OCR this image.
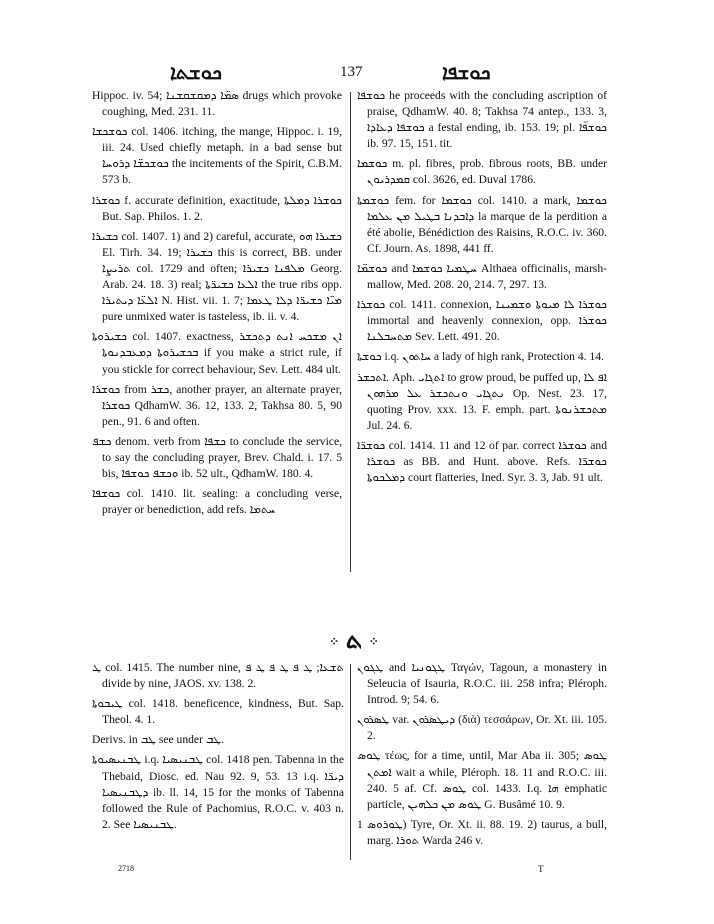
ܟܘܫܬܐ	137	ܟܘܫܦܐ

Hippoc. iv. 54; ܣܡ̈ܐ ܕܡܩܫܩܫܢܐ drugs which provoke coughing, Med. 231. 11.

ܟܘܫܟܫܐ col. 1406. itching, the mange, Hippoc. i. 19, iii. 24. Used chiefly metaph. in a bad sense but ܟܘܫܟܫ̈ܐ ܕܪܘܚܐ the incitements of the Spirit, C.B.M. 573 b.

ܟܘܫܪܐ f. accurate definition, exactitude, ܟܘܫܪܐ ܕܡܠܬܐ But. Sap. Philos. 1. 2.

ܟܫܝܪܐ col. 1407. 1) and 2) careful, accurate, ܟܫܝܪܐ ܗܘ El. Tirh. 34. 19; ܟܫܝܪܐ this is correct, BB. under ܬܪܝܨܐ col. 1729 and often; ܡܠܦܢܐ ܟܫܝܪܐ Georg. Arab. 24. 18. 3) real; ܐܠܥܐ ܟܫܝܪ̈ܬܐ the true ribs opp. ܐܠܥ̈ܐ ܕܝܬܝܪܐ N. Hist. vii. 1. 7; ܡܝ̈ܐ ܟܫܝܪ̈ܐ ܕܠܐ ܛܥܡܐ pure unmixed water is tasteless, ib. ii. v. 4.

ܟܫܝܪܘܬܐ col. 1407. exactness, ܐܢ ܡܫܟܚ ܐܢܬ ܕܬܟܫܪ ܒܟܫܝܪܘܬܐ ܕܡܥܒܕܢܘܬܐ if you make a strict rule, if you stickle for correct behaviour, Sev. Lett. 484 ult.

ܟܘܫܪܐ from ܟܫܪ, another prayer, an alternate prayer, ܟܘܫܪܐ QdhamW. 36. 12, 133. 2, Takhsa 80. 5, 90 pen., 91. 6 and often.

ܟܫܦ denom. verb from ܟܫܦܐ to conclude the service, to say the concluding prayer, Brev. Chald. i. 17. 5 bis, ܘܟܫܦ ܟܘܫܦܐ ib. 52 ult., QdhamW. 180. 4.

ܟܘܫܦܐ col. 1410. lit. sealing: a concluding verse, prayer or benediction, add refs. ܚܬܡܐ

ܟܘܫܦܐ he proceeds with the concluding ascription of praise, QdhamW. 40. 8; Takhsa 74 antep., 133. 3, ܟܘܫܦܐ ܕܥܐܕܐ a festal ending, ib. 153. 19; pl. ܟܘܫܦ̈ܐ ib. 97. 15, 151. tit.

ܟܘܫܡܐ m. pl. fibres, prob. fibrous roots, BB. under ܩܡܕܪܝܘܢ col. 3626, ed. Duval 1786.

ܟܘܫܡܬܐ fem. for ܟܘܫܡܐ col. 1410. a mark, ܟܘܫܡܐ ܕܐܒܕܢܐ ܒܛܝܠ ܡܢ ܥܠܡܐ la marque de la perdition a été abolie, Bénédiction des Raisins, R.O.C. iv. 360. Cf. Journ. As. 1898, 441 ff.

ܟܘܫܡ̈ܐ and ܚܛܡܝܐ ܟܘܫܡܐ Althaea officinalis, marsh-mallow, Med. 208. 20, 214. 7, 297. 13.

ܟܘܫܪܐ col. 1411. connexion, ܟܘܫܪܐ ܠܐ ܡܝܘܬܐ ܘܫܡܝܢܐ immortal and heavenly connexion, opp. ܟܘܫܪܐ ܡܬܚܒܠܢܐ Sev. Lett. 491. 20.

ܟܘܫܬܐ i.q. ܚܐܬܘܢ a lady of high rank, Protection 4. 14.

ܐܬܟܫܪ. Aph. ܐܬܓܐܝ to grow proud, be puffed up, ܐܦ ܠܐ ܢܬܓܐܝ ܘܢܬܟܫܪ ܥܠ ܡܪܗܘܢ Op. Nest. 23. 17, quoting Prov. xxx. 13. F. emph. part. ܡܬܟܫܪܢܘܬܐ Jul. 24. 6.

ܟܘܫܪ̈ܐ col. 1414. 11 and 12 of par. correct ܟܘܫܪܐ and ܟܘܫܪܐ as BB. and Hunt. above. Refs. ܟܘܫܪ̈ܐ ܕܡܠܟܘܬܐ court flatteries, Ined. Syr. 3. 3, Jab. 91 ult.

⁘ ܬ ⁘

ܛ col. 1415. The number nine, ܬܫܥܐ; ܛ ܦ ܛ ܦ ܛ ܦ divide by nine, JAOS. xv. 138. 2.

ܛܝܒܘܬܐ col. 1418. beneficence, kindness, But. Sap. Theol. 4. 1.

Derivs. in ܛܒ see under ܛܒ.

ܛܒܢܝܣܝܘܬܐ i.q. ܛܒܢܝܣܝܐ col. 1418 pen. Tabenna in the Thebaid, Diosc. ed. Nau 92. 9, 53. 13 i.q. ܕܝܪ̈ܐ ܕܛܒܢܝܣܝܐ ib. ll. 14, 15 for the monks of Tabenna followed the Rule of Pachomius, R.O.C. v. 403 n. 2. See ܛܒܢܝܣܝܐ.

ܛܓܘܢ and ܛܓܘܢܝܐ Ταγών, Tagoun, a monastery in Seleucia of Isauria, R.O.C. iii. 258 infra; Pléroph. Introd. 9; 54. 6.

ܛܣܪܘܢ var. ܕܝܛܣܪܘܢ (διὰ) τεσσάρων, Or. Xt. iii. 105. 2.

ܛܘܣ τέως, for a time, until, Mar Aba ii. 305; ܛܘܣ ܐܡܬܢ wait a while, Pléroph. 18. 11 and R.O.C. iii. 240. 5 af. Cf. ܛܘܣ col. 1433. I.q. ܗܐ emphatic particle, ܛܘܣ ܡܢ ܟܠܗܝܢ G. Busâmé 10. 9.

ܛܘܪܘܣ 1) Tyre, Or. Xt. ii. 88. 19. 2) taurus, a bull, marg. ܬܘܪܐ Warda 246 v.

2718	T
